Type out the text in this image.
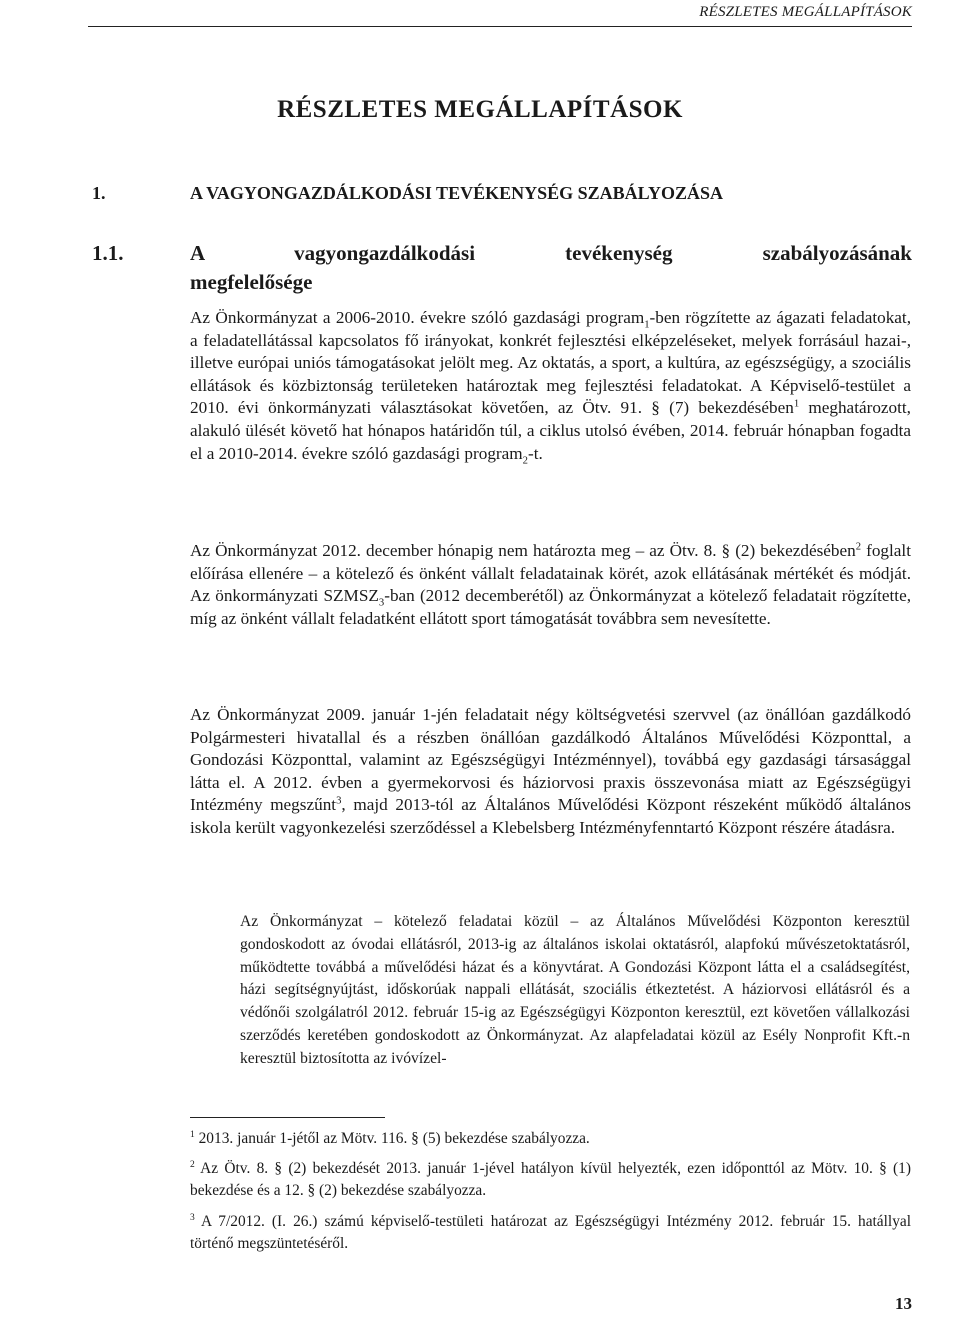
RÉSZLETES MEGÁLLAPÍTÁSOK
RÉSZLETES MEGÁLLAPÍTÁSOK
1.	A VAGYONGAZDÁLKODÁSI TEVÉKENYSÉG SZABÁLYOZÁSA
1.1.	A vagyongazdálkodási tevékenység szabályozásának
megfelelősége
Az Önkormányzat a 2006-2010. évekre szóló gazdasági program$_1$-ben rögzítette az ágazati feladatokat, a feladatellátással kapcsolatos fő irányokat, konkrét fejlesztési elképzeléseket, melyek forrásául hazai-, illetve európai uniós támogatásokat jelölt meg. Az oktatás, a sport, a kultúra, az egészségügy, a szociális ellátások és közbiztonság területeken határoztak meg fejlesztési feladatokat. A Képviselő-testület a 2010. évi önkormányzati választásokat követően, az Ötv. 91. § (7) bekezdésében$^1$ meghatározott, alakuló ülését követő hat hónapos határidőn túl, a ciklus utolsó évében, 2014. február hónapban fogadta el a 2010-2014. évekre szóló gazdasági program$_2$-t.
Az Önkormányzat 2012. december hónapig nem határozta meg – az Ötv. 8. § (2) bekezdésében$^2$ foglalt előírása ellenére – a kötelező és önként vállalt feladatainak körét, azok ellátásának mértékét és módját. Az önkormányzati $SZMSZ_3$-ban (2012 decemberétől) az Önkormányzat a kötelező feladatait rögzítette, míg az önként vállalt feladatként ellátott sport támogatását továbbra sem nevesítette.
Az Önkormányzat 2009. január 1-jén feladatait négy költségvetési szervvel (az önállóan gazdálkodó Polgármesteri hivatallal és a részben önállóan gazdálkodó Általános Művelődési Központtal, a Gondozási Központtal, valamint az Egészségügyi Intézménnyel), továbbá egy gazdasági társasággal látta el. A 2012. évben a gyermekorvosi és háziorvosi praxis összevonása miatt az Egészségügyi Intézmény megszűnt$^3$, majd 2013-tól az Általános Művelődési Központ részeként működő általános iskola került vagyonkezelési szerződéssel a Klebelsberg Intézményfenntartó Központ részére átadásra.
Az Önkormányzat – kötelező feladatai közül – az Általános Művelődési Központon keresztül gondoskodott az óvodai ellátásról, 2013-ig az általános iskolai oktatásról, alapfokú művészetoktatásról, működtette továbbá a művelődési házat és a könyvtárat. A Gondozási Központ látta el a családsegítést, házi segítségnyújtást, időskorúak nappali ellátását, szociális étkeztetést. A háziorvosi ellátásról és a védőnői szolgálatról 2012. február 15-ig az Egészségügyi Központon keresztül, ezt követően vállalkozási szerződés keretében gondoskodott az Önkormányzat. Az alapfeladatai közül az Esély Nonprofit Kft.-n keresztül biztosította az ivóvízel-
$^1$ 2013. január 1-jétől az Mötv. 116. § (5) bekezdése szabályozza.
$^2$ Az Ötv. 8. § (2) bekezdését 2013. január 1-jével hatályon kívül helyezték, ezen időponttól az Mötv. 10. § (1) bekezdése és a 12. § (2) bekezdése szabályozza.
$^3$ A 7/2012. (I. 26.) számú képviselő-testületi határozat az Egészségügyi Intézmény 2012. február 15. hatállyal történő megszüntetéséről.
13
